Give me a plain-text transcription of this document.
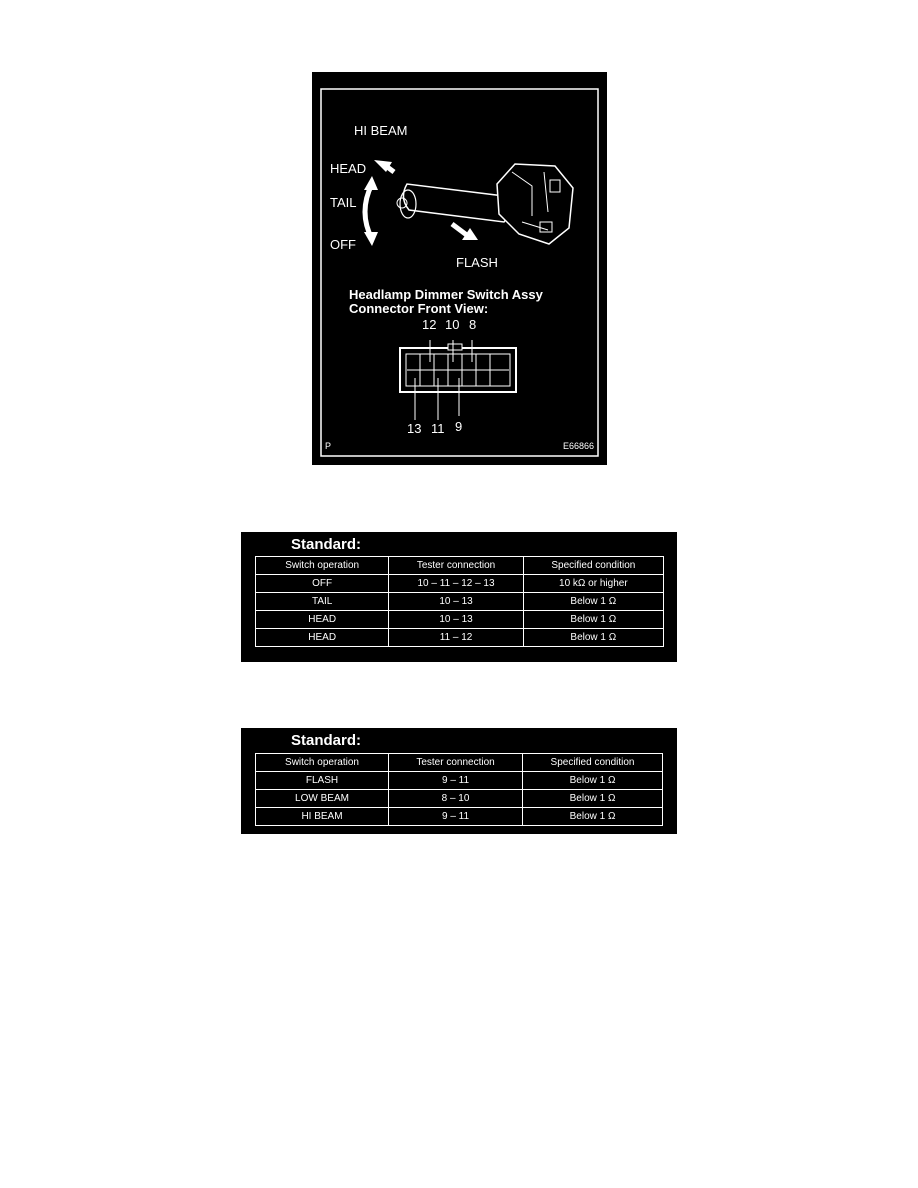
HI BEAM
HEAD
TAIL
OFF
FLASH
Headlamp Dimmer Switch Assy
Connector Front View:
12 10 8
13 11 9
P	E66866
Standard:
Switch operation	Tester connection	Specified condition
OFF	10 – 11 – 12 – 13	10 kΩ or higher
TAIL	10 – 13	Below 1 Ω
HEAD	10 – 13	Below 1 Ω
HEAD	11 – 12	Below 1 Ω
Standard:
Switch operation	Tester connection	Specified condition
FLASH	9 – 11	Below 1 Ω
LOW BEAM	8 – 10	Below 1 Ω
HI BEAM	9 – 11	Below 1 Ω
